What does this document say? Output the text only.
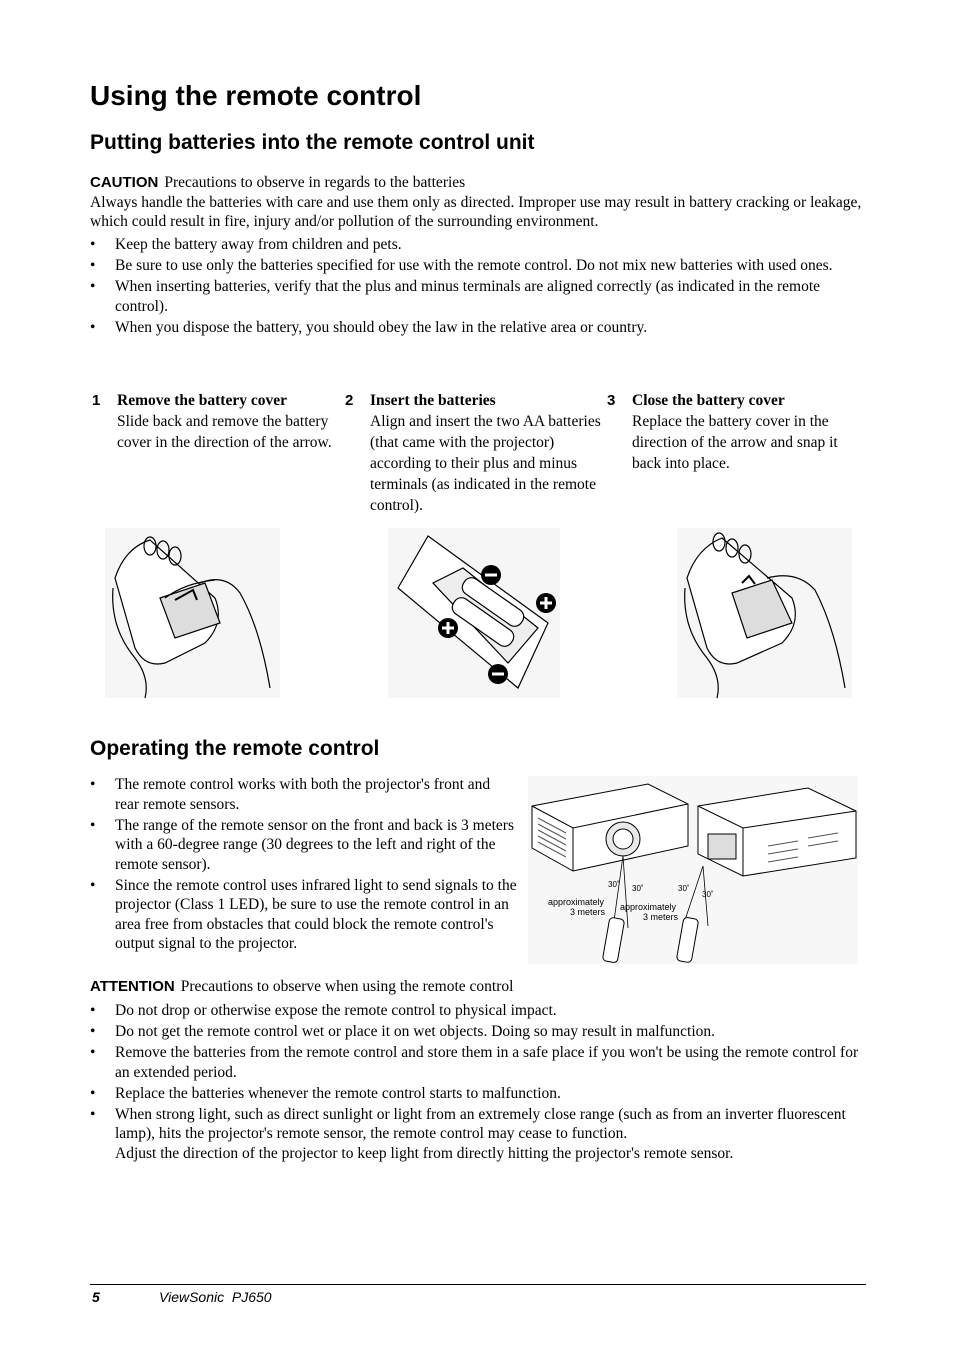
Using the remote control
Putting batteries into the remote control unit
CAUTION Precautions to observe in regards to the batteries
Always handle the batteries with care and use them only as directed. Improper use may result in battery cracking or leakage, which could result in fire, injury and/or pollution of the surrounding environment.
• Keep the battery away from children and pets.
• Be sure to use only the batteries specified for use with the remote control. Do not mix new batteries with used ones.
• When inserting batteries, verify that the plus and minus terminals are aligned correctly (as indicated in the remote control).
• When you dispose the battery, you should obey the law in the relative area or country.
1 Remove the battery cover
Slide back and remove the battery cover in the direction of the arrow.
2 Insert the batteries
Align and insert the two AA batteries (that came with the projector) according to their plus and minus terminals (as indicated in the remote control).
3 Close the battery cover
Replace the battery cover in the direction of the arrow and snap it back into place.
Operating the remote control
• The remote control works with both the projector's front and rear remote sensors.
• The range of the remote sensor on the front and back is 3 meters with a 60-degree range (30 degrees to the left and right of the remote sensor).
• Since the remote control uses infrared light to send signals to the projector (Class 1 LED), be sure to use the remote control in an area free from obstacles that could block the remote control's output signal to the projector.
30˚ 30˚	30˚
30˚
approximately
3 meters approximately
3 meters
ATTENTION Precautions to observe when using the remote control
• Do not drop or otherwise expose the remote control to physical impact.
• Do not get the remote control wet or place it on wet objects. Doing so may result in malfunction.
• Remove the batteries from the remote control and store them in a safe place if you won't be using the remote control for an extended period.
• Replace the batteries whenever the remote control starts to malfunction.
• When strong light, such as direct sunlight or light from an extremely close range (such as from an inverter fluorescent lamp), hits the projector's remote sensor, the remote control may cease to function.
Adjust the direction of the projector to keep light from directly hitting the projector's remote sensor.
5	ViewSonic  PJ650
